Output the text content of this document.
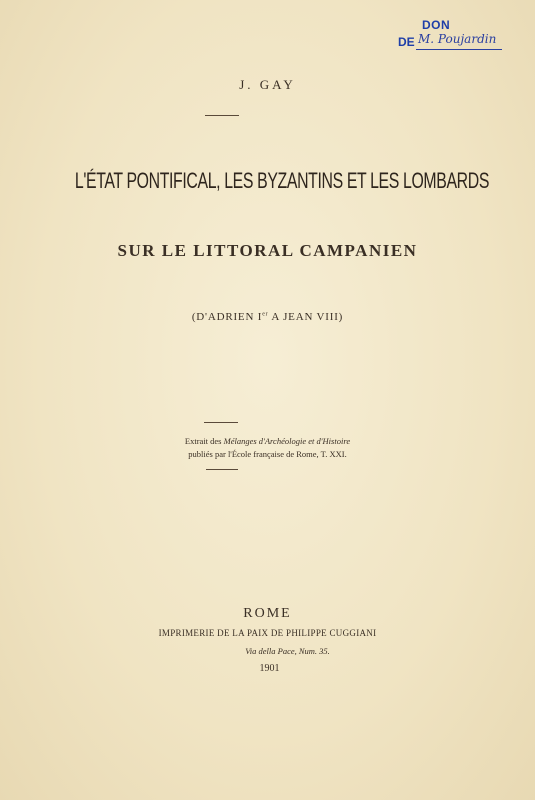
DON
DE M. Poujardin
J. GAY
L'ÉTAT PONTIFICAL, LES BYZANTINS ET LES LOMBARDS
SUR LE LITTORAL CAMPANIEN
(D'ADRIEN Ier A JEAN VIII)
Extrait des Mélanges d'Archéologie et d'Histoire
publiés par l'École française de Rome, T. XXI.
ROME
IMPRIMERIE DE LA PAIX DE PHILIPPE CUGGIANI
Via della Pace, Num. 35.
1901
